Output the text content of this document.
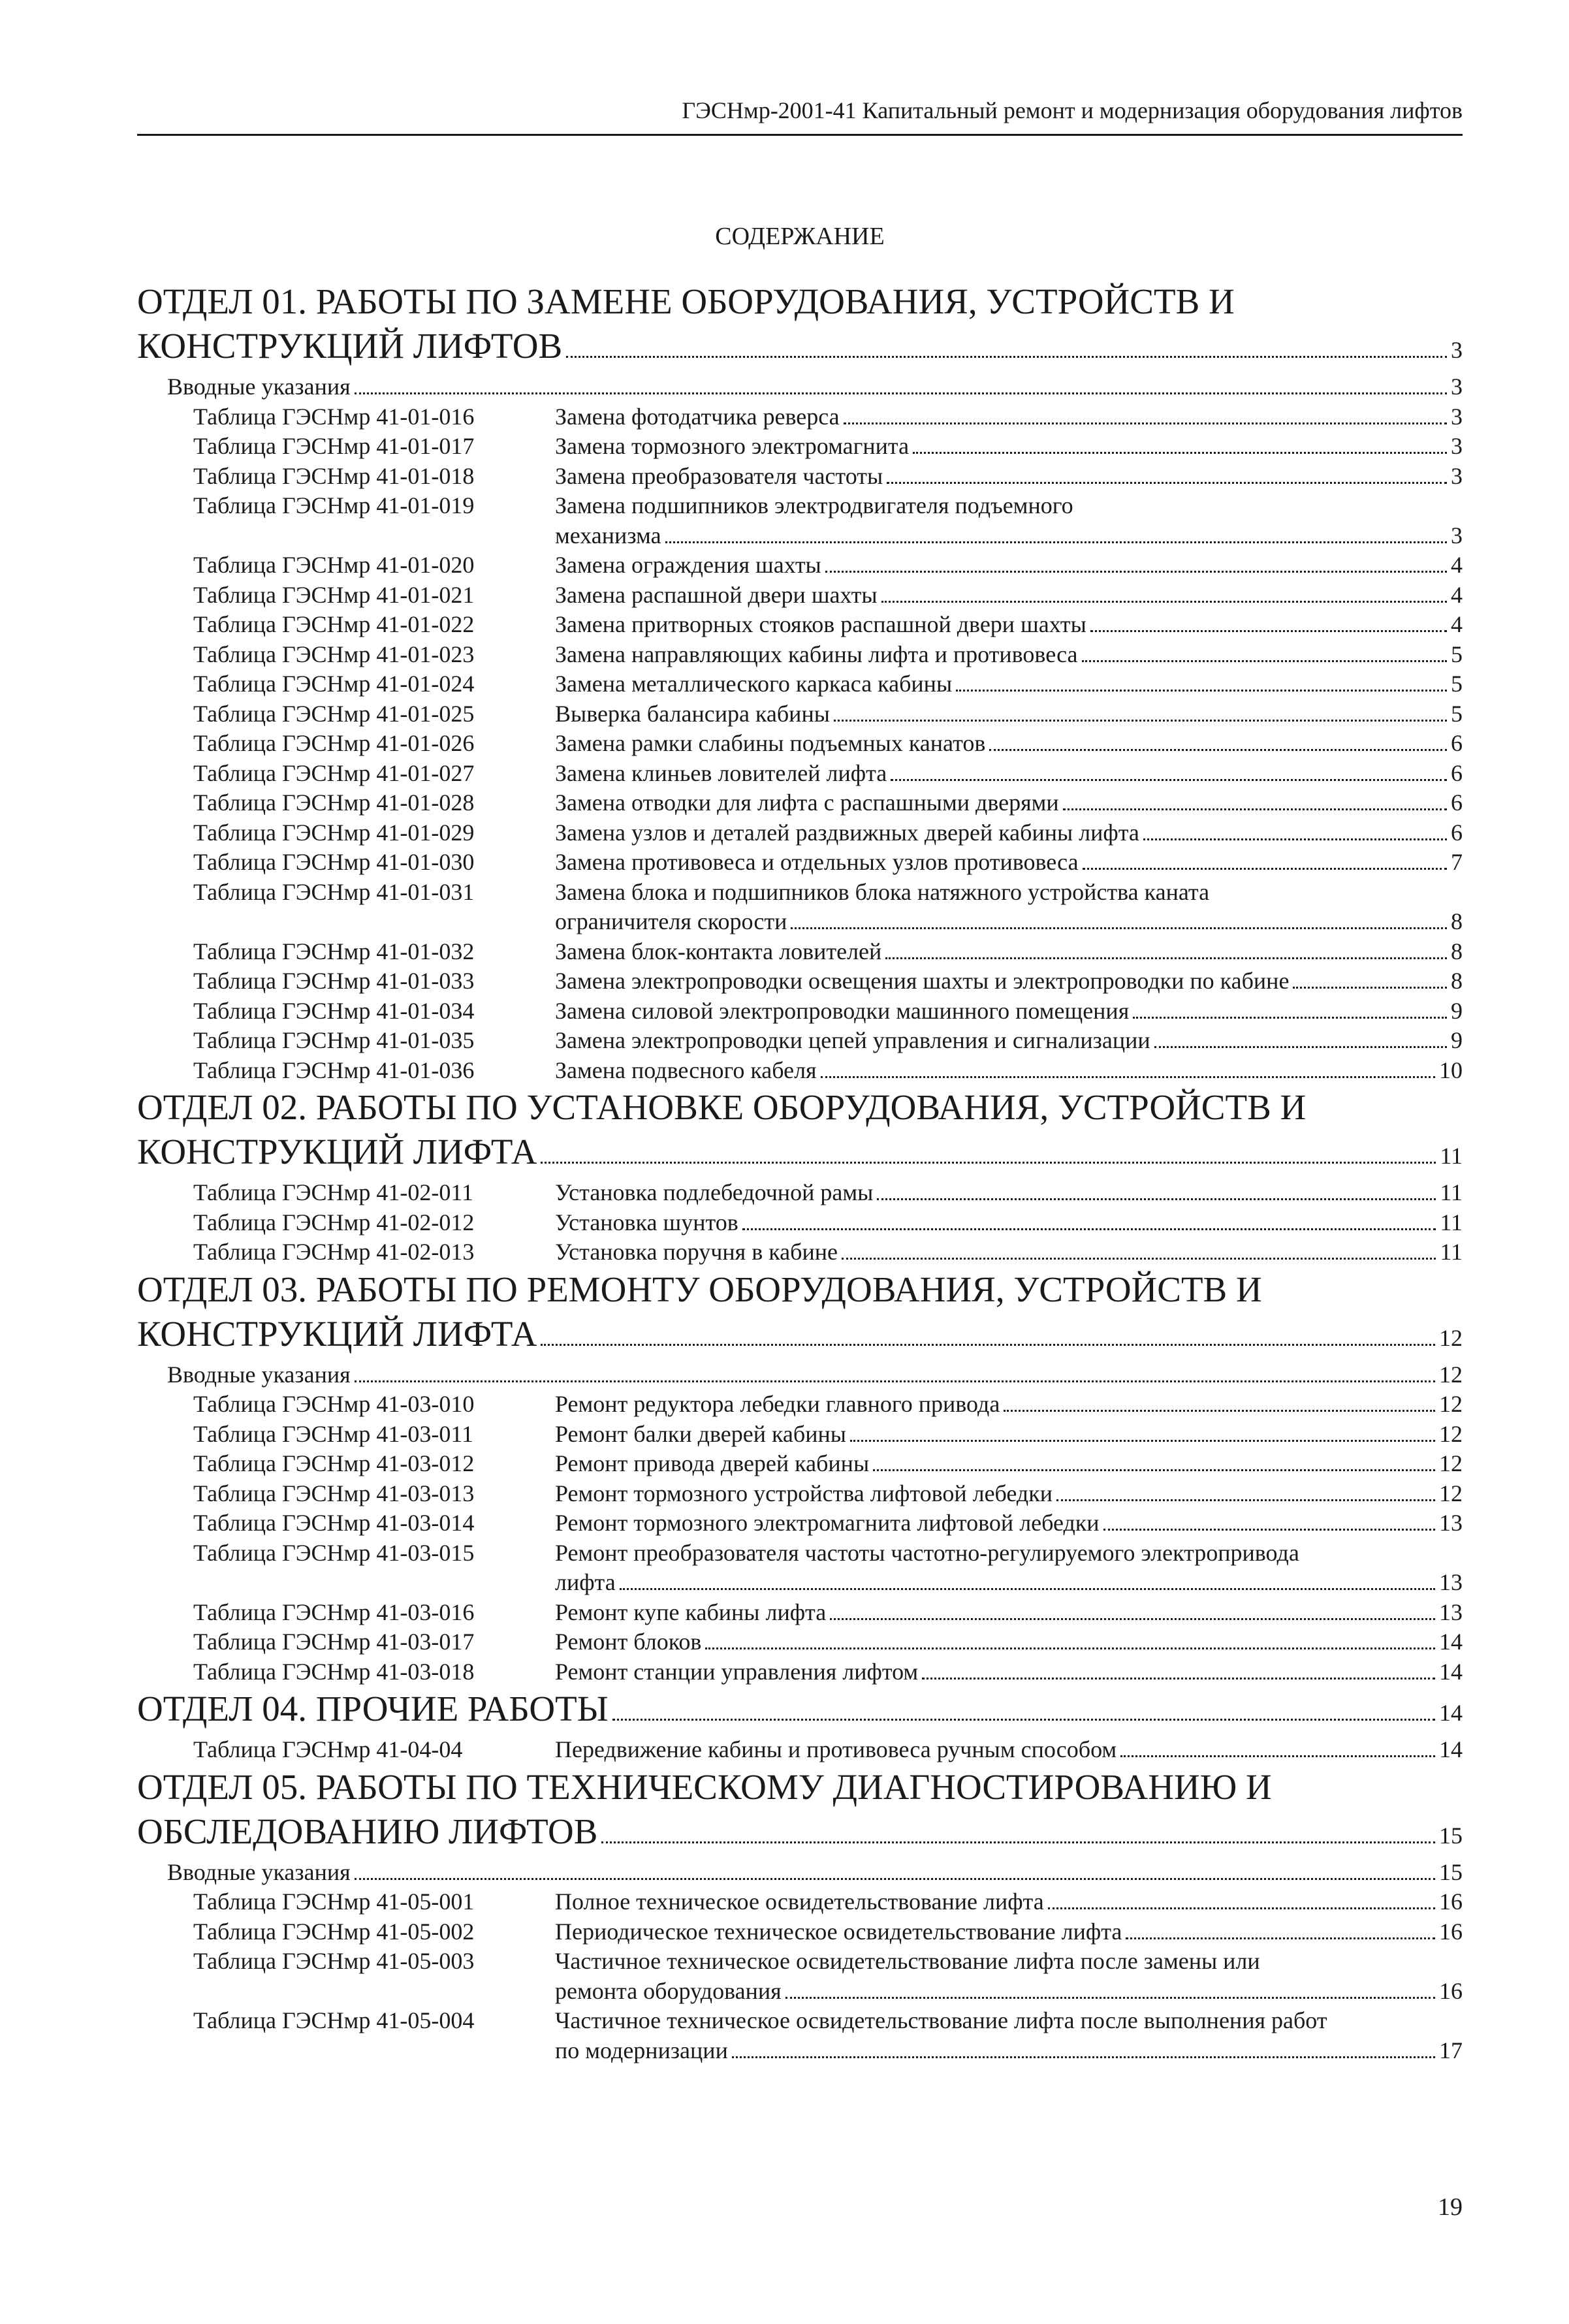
ГЭСНмр-2001-41 Капитальный ремонт и модернизация оборудования лифтов
СОДЕРЖАНИЕ
ОТДЕЛ 01. РАБОТЫ ПО ЗАМЕНЕ ОБОРУДОВАНИЯ, УСТРОЙСТВ И
КОНСТРУКЦИЙ ЛИФТОВ	3
Вводные указания	3
Таблица ГЭСНмр 41-01-016	Замена фотодатчика реверса	3
Таблица ГЭСНмр 41-01-017	Замена тормозного электромагнита	3
Таблица ГЭСНмр 41-01-018	Замена преобразователя частоты	3
Таблица ГЭСНмр 41-01-019	Замена подшипников электродвигателя подъемного
механизма	3
Таблица ГЭСНмр 41-01-020	Замена ограждения шахты	4
Таблица ГЭСНмр 41-01-021	Замена распашной двери шахты	4
Таблица ГЭСНмр 41-01-022	Замена притворных стояков распашной двери шахты	4
Таблица ГЭСНмр 41-01-023	Замена направляющих кабины лифта и противовеса	5
Таблица ГЭСНмр 41-01-024	Замена металлического каркаса кабины	5
Таблица ГЭСНмр 41-01-025	Выверка балансира кабины	5
Таблица ГЭСНмр 41-01-026	Замена рамки слабины подъемных канатов	6
Таблица ГЭСНмр 41-01-027	Замена клиньев ловителей лифта	6
Таблица ГЭСНмр 41-01-028	Замена отводки для лифта с распашными дверями	6
Таблица ГЭСНмр 41-01-029	Замена узлов и деталей раздвижных дверей кабины лифта	6
Таблица ГЭСНмр 41-01-030	Замена противовеса и отдельных узлов противовеса	7
Таблица ГЭСНмр 41-01-031	Замена блока и подшипников блока натяжного устройства каната
ограничителя скорости	8
Таблица ГЭСНмр 41-01-032	Замена блок-контакта ловителей	8
Таблица ГЭСНмр 41-01-033	Замена электропроводки освещения шахты и электропроводки по кабине	8
Таблица ГЭСНмр 41-01-034	Замена силовой электропроводки машинного помещения	9
Таблица ГЭСНмр 41-01-035	Замена электропроводки цепей управления и сигнализации	9
Таблица ГЭСНмр 41-01-036	Замена подвесного кабеля	10
ОТДЕЛ 02. РАБОТЫ ПО УСТАНОВКЕ ОБОРУДОВАНИЯ, УСТРОЙСТВ И
КОНСТРУКЦИЙ ЛИФТА	11
Таблица ГЭСНмр 41-02-011	Установка подлебедочной рамы	11
Таблица ГЭСНмр 41-02-012	Установка шунтов	11
Таблица ГЭСНмр 41-02-013	Установка поручня в кабине	11
ОТДЕЛ 03. РАБОТЫ ПО РЕМОНТУ ОБОРУДОВАНИЯ, УСТРОЙСТВ И
КОНСТРУКЦИЙ ЛИФТА	12
Вводные указания	12
Таблица ГЭСНмр 41-03-010	Ремонт редуктора лебедки главного привода	12
Таблица ГЭСНмр 41-03-011	Ремонт балки дверей кабины	12
Таблица ГЭСНмр 41-03-012	Ремонт привода дверей кабины	12
Таблица ГЭСНмр 41-03-013	Ремонт тормозного устройства лифтовой лебедки	12
Таблица ГЭСНмр 41-03-014	Ремонт тормозного электромагнита лифтовой лебедки	13
Таблица ГЭСНмр 41-03-015	Ремонт преобразователя частоты частотно-регулируемого электропривода
лифта	13
Таблица ГЭСНмр 41-03-016	Ремонт купе кабины лифта	13
Таблица ГЭСНмр 41-03-017	Ремонт блоков	14
Таблица ГЭСНмр 41-03-018	Ремонт станции управления лифтом	14
ОТДЕЛ 04. ПРОЧИЕ РАБОТЫ	14
Таблица ГЭСНмр 41-04-04	Передвижение кабины и противовеса ручным способом	14
ОТДЕЛ 05. РАБОТЫ ПО ТЕХНИЧЕСКОМУ ДИАГНОСТИРОВАНИЮ И
ОБСЛЕДОВАНИЮ ЛИФТОВ	15
Вводные указания	15
Таблица ГЭСНмр 41-05-001	Полное техническое освидетельствование лифта	16
Таблица ГЭСНмр 41-05-002	Периодическое техническое освидетельствование лифта	16
Таблица ГЭСНмр 41-05-003	Частичное техническое освидетельствование лифта после замены или
ремонта оборудования	16
Таблица ГЭСНмр 41-05-004	Частичное техническое освидетельствование лифта после выполнения работ
по модернизации	17
19
